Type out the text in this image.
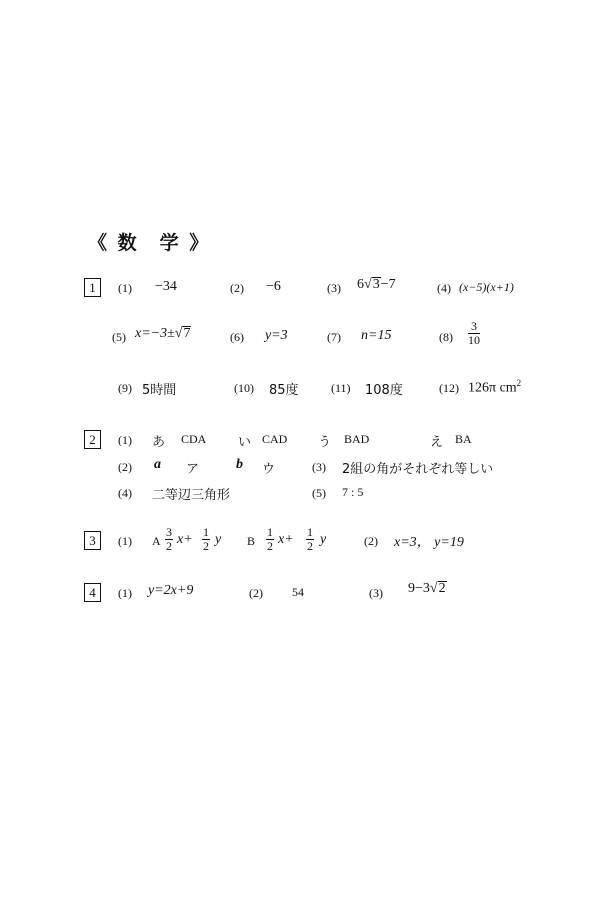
《 数　学 》
1	(1) −34	(2) −6	(3) 6√3−7	(4) (x−5)(x+1)
(5) x=−3±√7	(6) y=3	(7) n=15	$(8) \frac{3}{10}$
(9) 5時間	(10) 85度	(11) 108度	(12) 126π $cm^2$
2	(1) あ CDA い CAD う BAD	え BA
(2) a ア	b ウ	(3) 2組の角がそれぞれ等しい
(4) 二等辺三角形	(5) 7 : 5
3	(1) A $\frac{3}{2} x+ \frac{1}{2}$ y B $\frac{1}{2} x+ \frac{1}{2}$ y	(2) x=3， y=19
4	(1) y=2x+9	(2) 54	(3) 9−3√2
